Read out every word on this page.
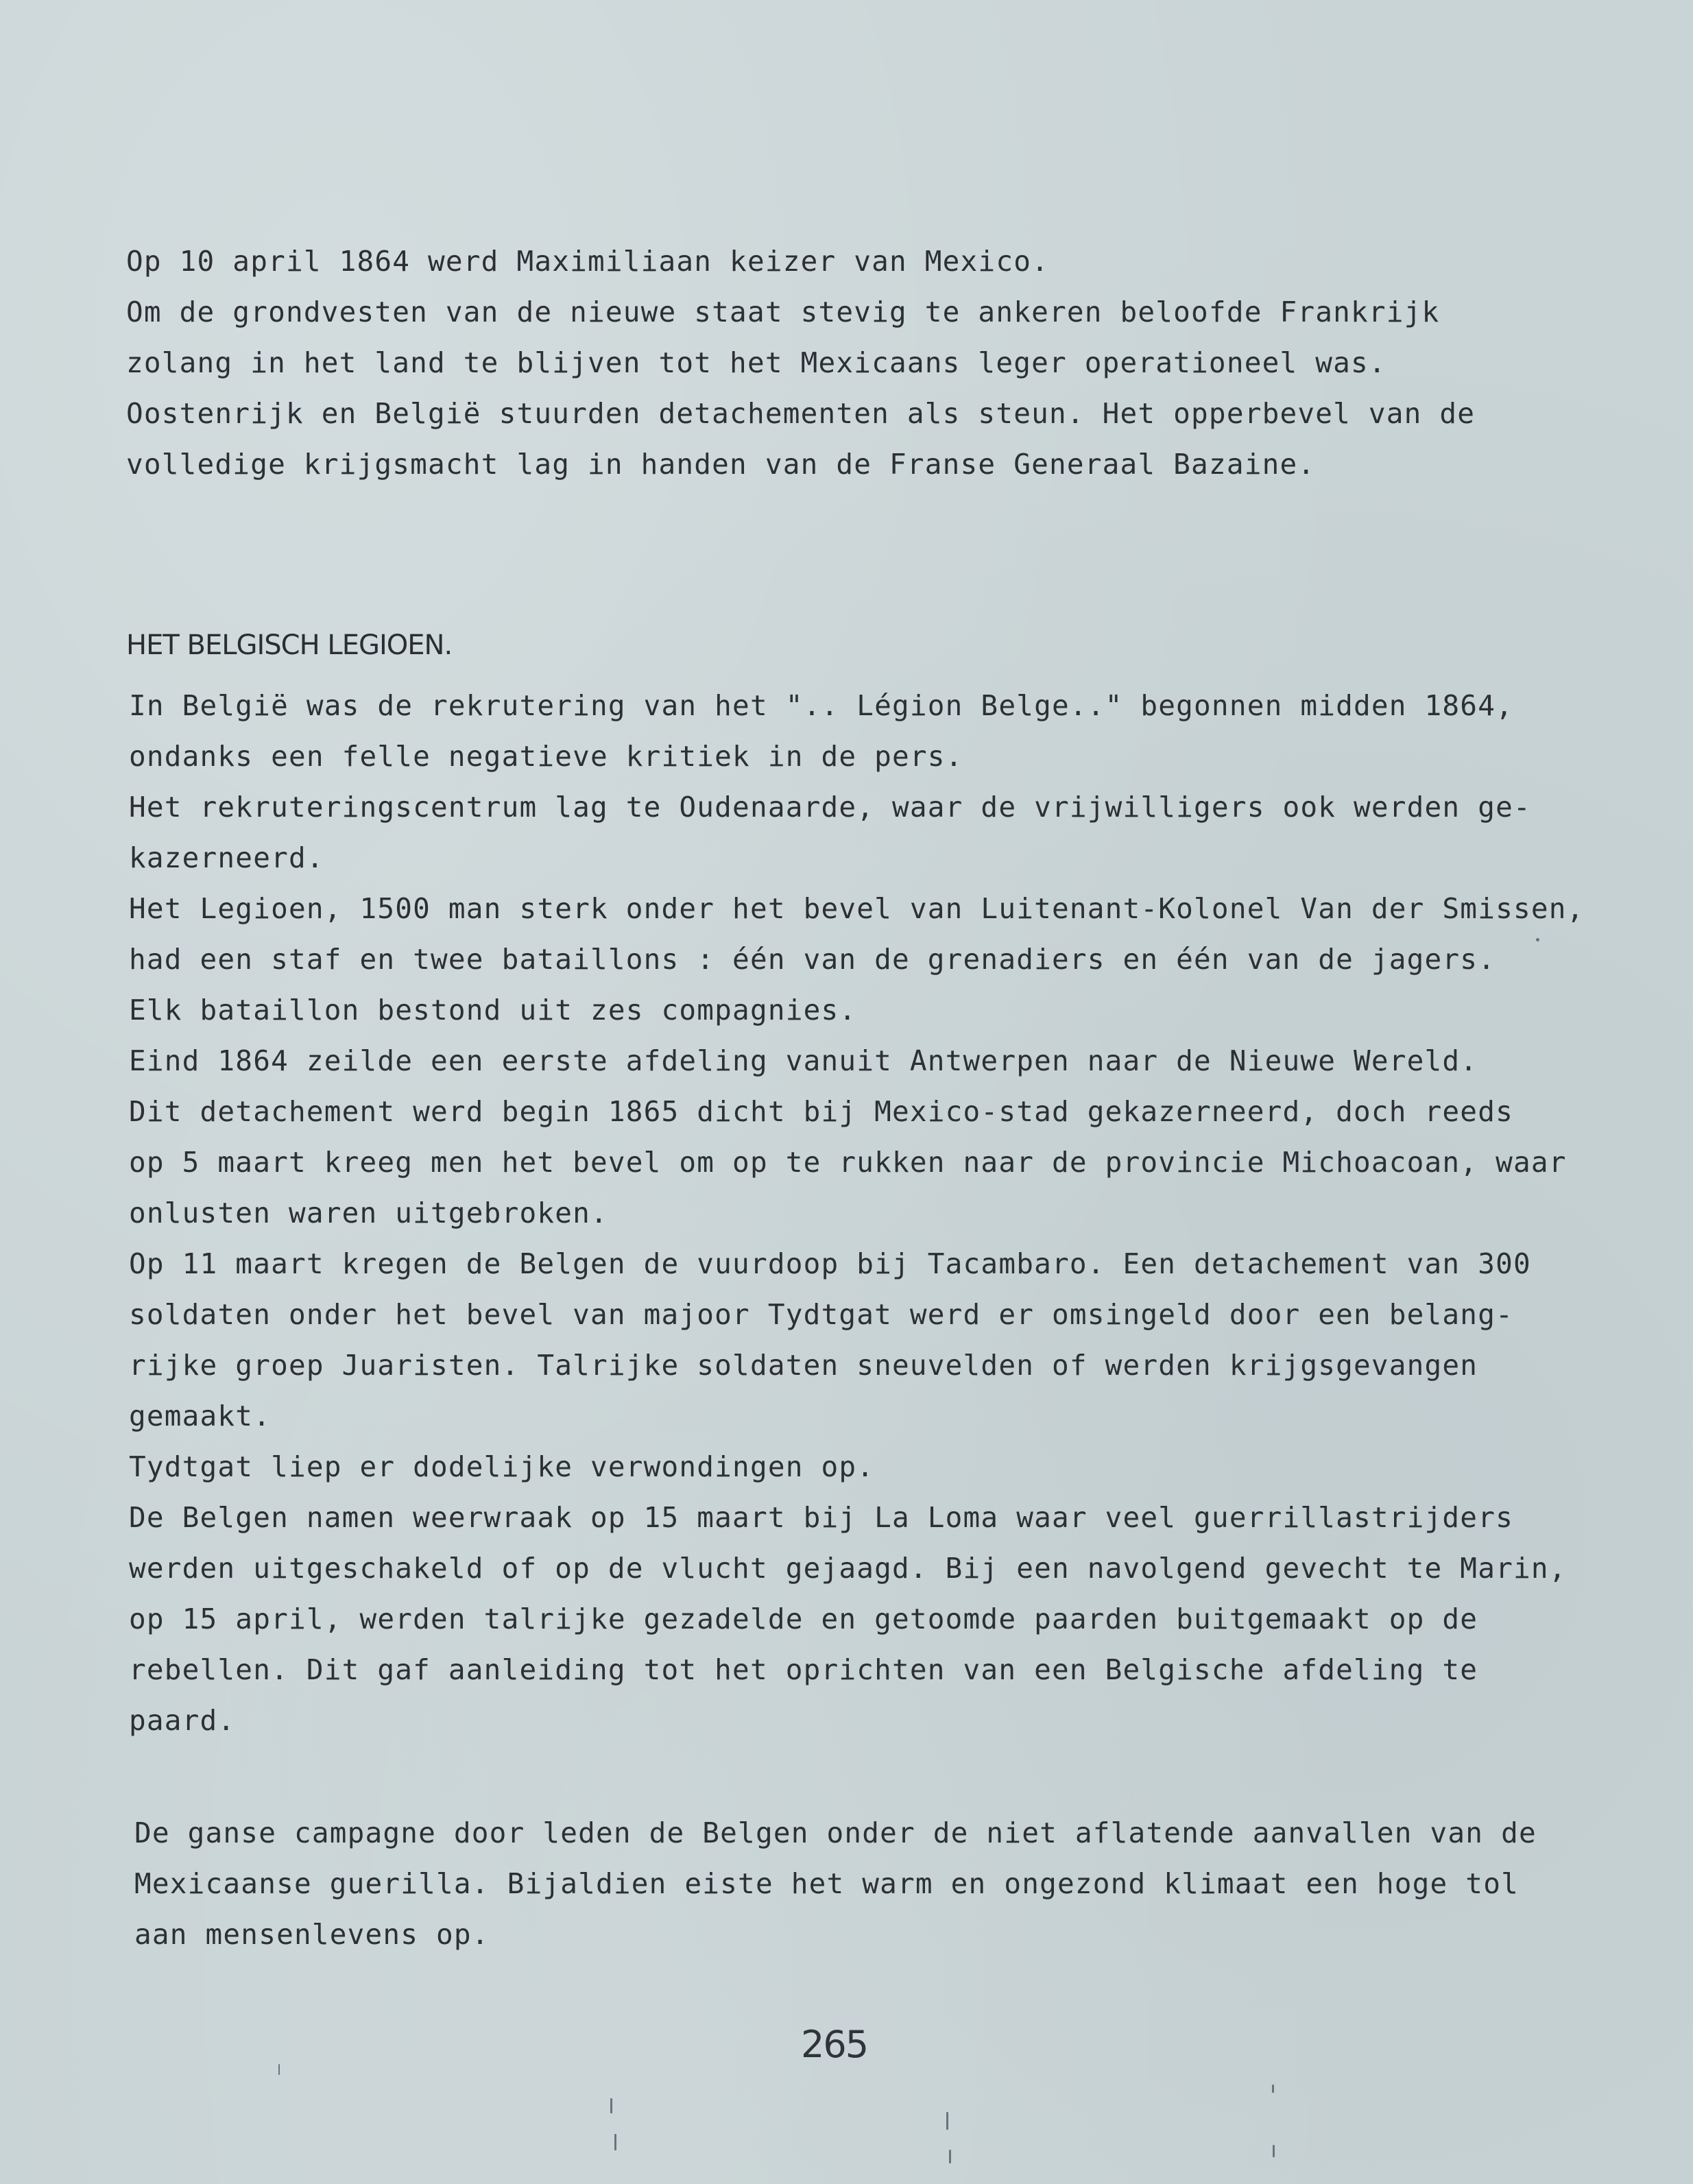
Op 10 april 1864 werd Maximiliaan keizer van Mexico.
Om de grondvesten van de nieuwe staat stevig te ankeren beloofde Frankrijk
zolang in het land te blijven tot het Mexicaans leger operationeel was.
Oostenrijk en België stuurden detachementen als steun. Het opperbevel van de
volledige krijgsmacht lag in handen van de Franse Generaal Bazaine.
HET BELGISCH LEGIOEN.
In België was de rekrutering van het ".. Légion Belge.." begonnen midden 1864,
ondanks een felle negatieve kritiek in de pers.
Het rekruteringscentrum lag te Oudenaarde, waar de vrijwilligers ook werden ge-
kazerneerd.
Het Legioen, 1500 man sterk onder het bevel van Luitenant-Kolonel Van der Smissen,
had een staf en twee bataillons : één van de grenadiers en één van de jagers.
Elk bataillon bestond uit zes compagnies.
Eind 1864 zeilde een eerste afdeling vanuit Antwerpen naar de Nieuwe Wereld.
Dit detachement werd begin 1865 dicht bij Mexico-stad gekazerneerd, doch reeds
op 5 maart kreeg men het bevel om op te rukken naar de provincie Michoacoan, waar
onlusten waren uitgebroken.
Op 11 maart kregen de Belgen de vuurdoop bij Tacambaro. Een detachement van 300
soldaten onder het bevel van majoor Tydtgat werd er omsingeld door een belang-
rijke groep Juaristen. Talrijke soldaten sneuvelden of werden krijgsgevangen
gemaakt.
Tydtgat liep er dodelijke verwondingen op.
De Belgen namen weerwraak op 15 maart bij La Loma waar veel guerrillastrijders
werden uitgeschakeld of op de vlucht gejaagd. Bij een navolgend gevecht te Marin,
op 15 april, werden talrijke gezadelde en getoomde paarden buitgemaakt op de
rebellen. Dit gaf aanleiding tot het oprichten van een Belgische afdeling te
paard.
De ganse campagne door leden de Belgen onder de niet aflatende aanvallen van de
Mexicaanse guerilla. Bijaldien eiste het warm en ongezond klimaat een hoge tol
aan mensenlevens op.
265
